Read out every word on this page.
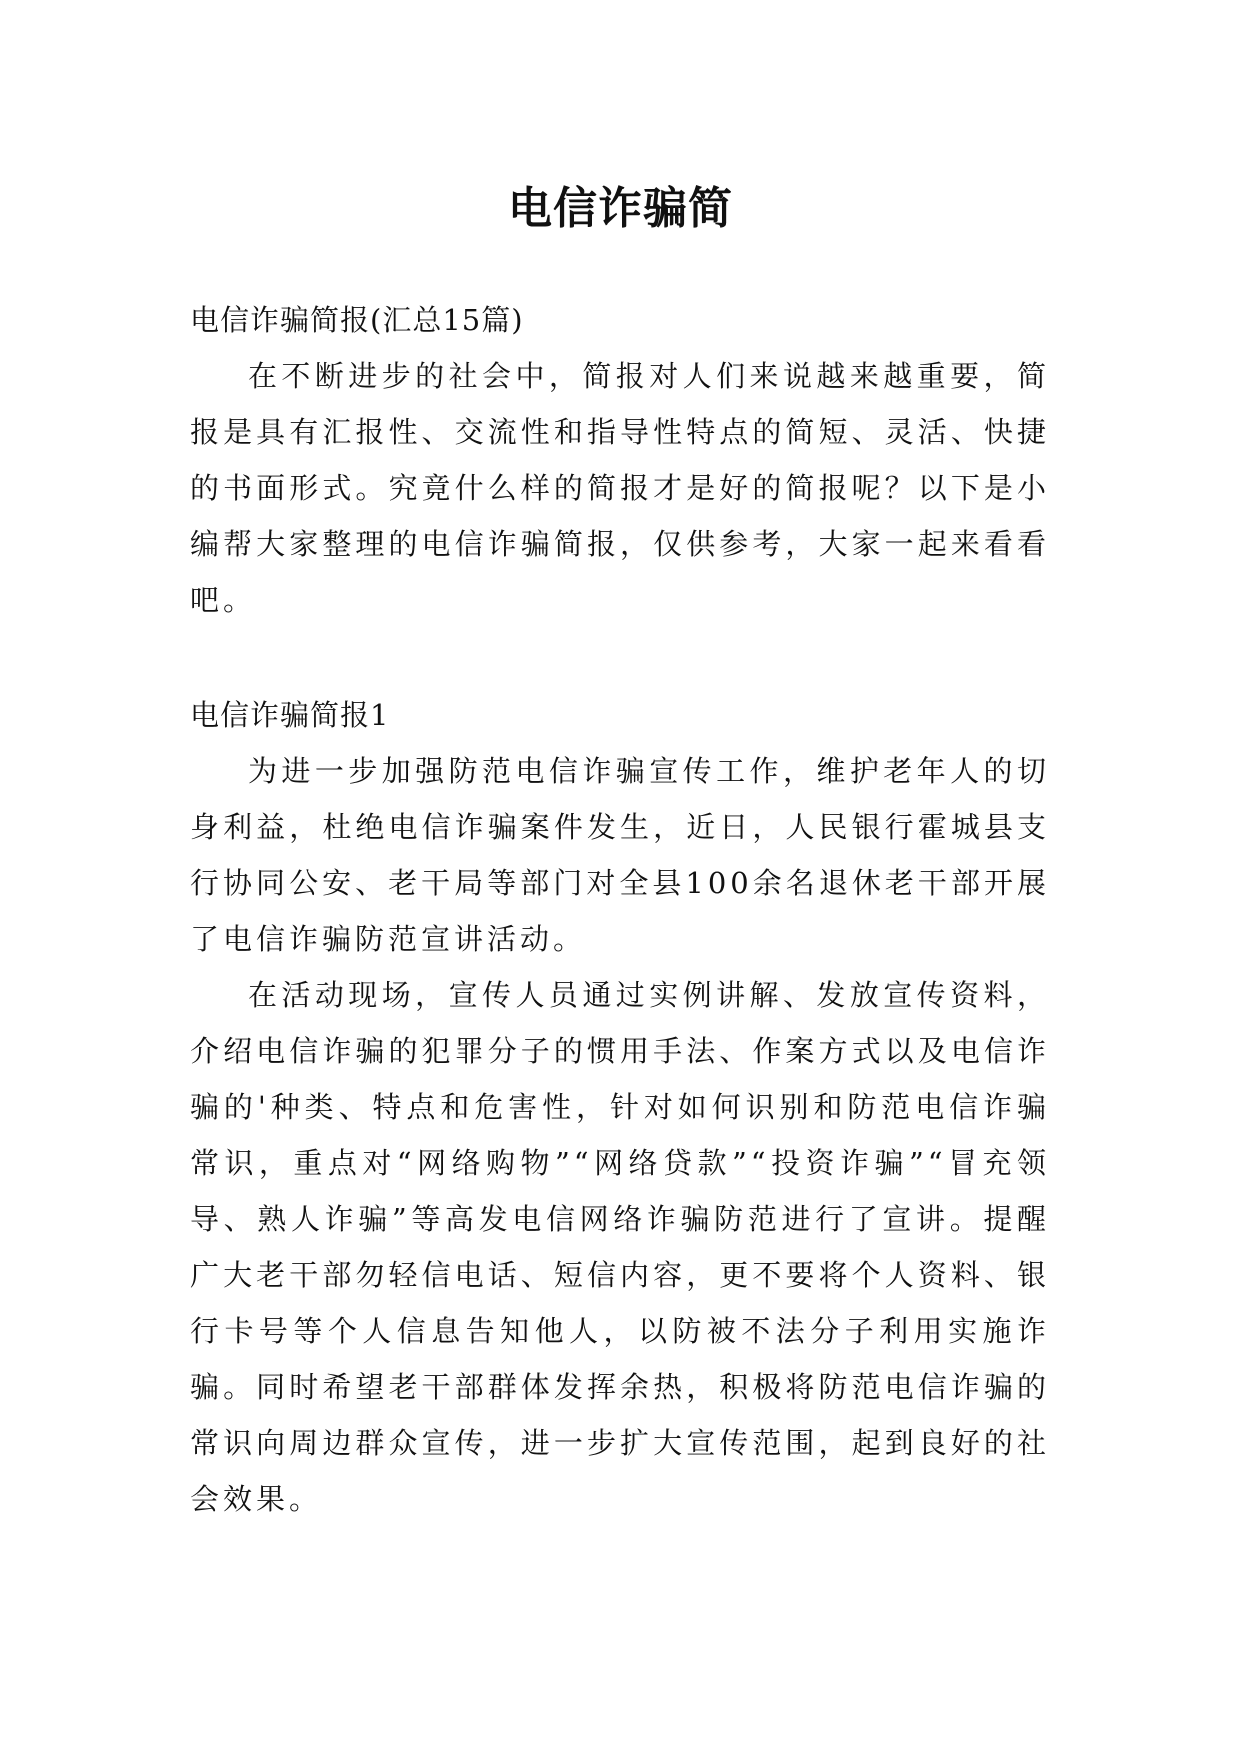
电信诈骗简

电信诈骗简报(汇总15篇)

在不断进步的社会中，简报对人们来说越来越重要，简报是具有汇报性、交流性和指导性特点的简短、灵活、快捷的书面形式。究竟什么样的简报才是好的简报呢？以下是小编帮大家整理的电信诈骗简报，仅供参考，大家一起来看看吧。

电信诈骗简报1

为进一步加强防范电信诈骗宣传工作，维护老年人的切身利益，杜绝电信诈骗案件发生，近日，人民银行霍城县支行协同公安、老干局等部门对全县100余名退休老干部开展了电信诈骗防范宣讲活动。

在活动现场，宣传人员通过实例讲解、发放宣传资料，介绍电信诈骗的犯罪分子的惯用手法、作案方式以及电信诈骗的'种类、特点和危害性，针对如何识别和防范电信诈骗常识，重点对“网络购物”“网络贷款”“投资诈骗”“冒充领导、熟人诈骗”等高发电信网络诈骗防范进行了宣讲。提醒广大老干部勿轻信电话、短信内容，更不要将个人资料、银行卡号等个人信息告知他人，以防被不法分子利用实施诈骗。同时希望老干部群体发挥余热，积极将防范电信诈骗的常识向周边群众宣传，进一步扩大宣传范围，起到良好的社会效果。
